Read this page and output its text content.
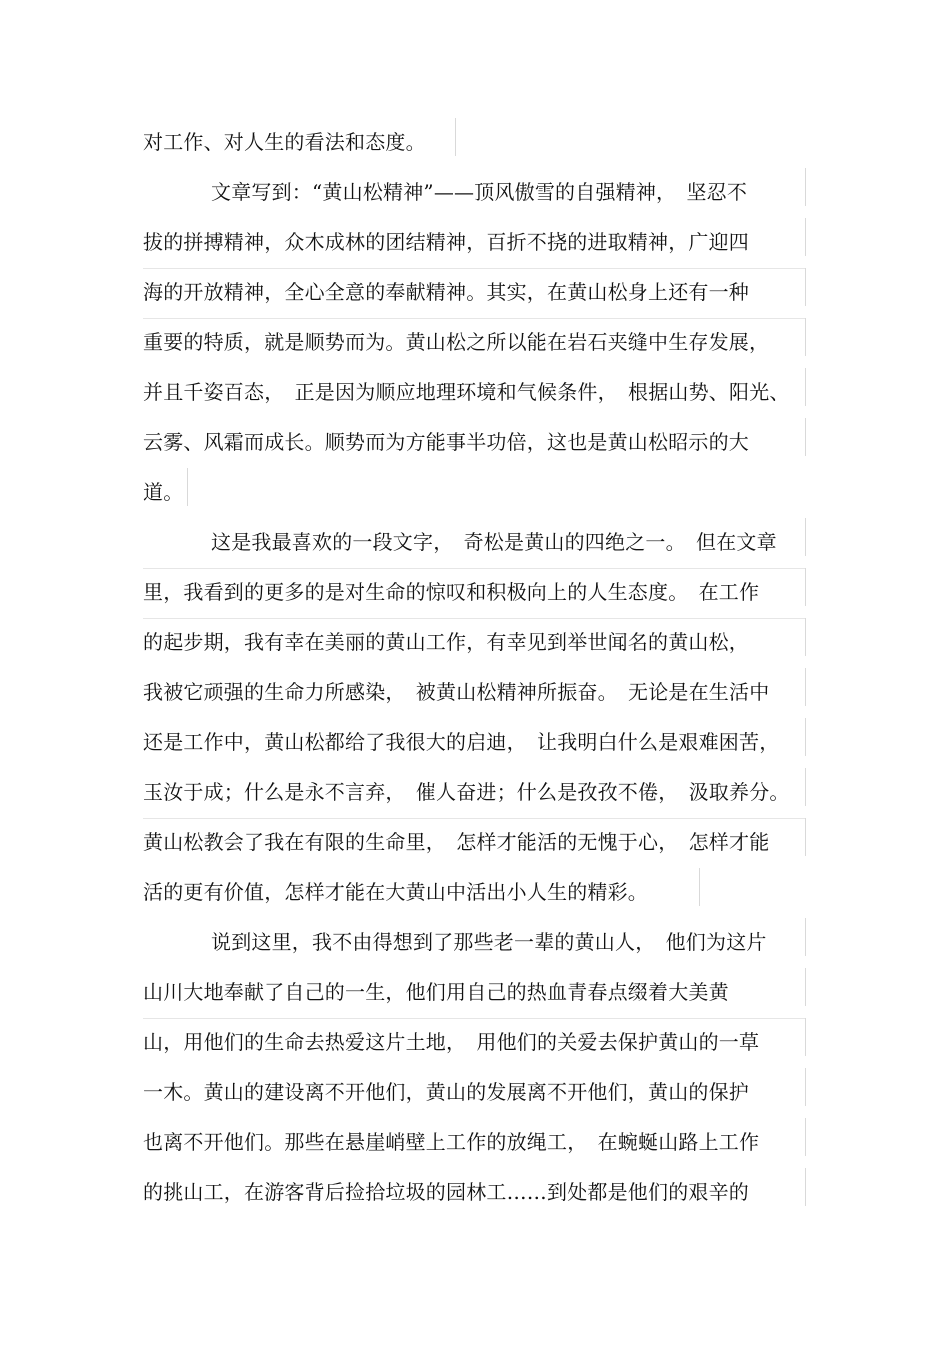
对工作、对人生的看法和态度。

文章写到：“黄山松精神”——顶风傲雪的自强精神，　坚忍不

拔的拼搏精神，众木成林的团结精神，百折不挠的进取精神，广迎四

海的开放精神，全心全意的奉献精神。其实，在黄山松身上还有一种

重要的特质，就是顺势而为。黄山松之所以能在岩石夹缝中生存发展，

并且千姿百态，　正是因为顺应地理环境和气候条件，　根据山势、阳光、

云雾、风霜而成长。顺势而为方能事半功倍，这也是黄山松昭示的大

道。

这是我最喜欢的一段文字，　奇松是黄山的四绝之一。　但在文章

里，我看到的更多的是对生命的惊叹和积极向上的人生态度。　在工作

的起步期，我有幸在美丽的黄山工作，有幸见到举世闻名的黄山松，

我被它顽强的生命力所感染，　被黄山松精神所振奋。　无论是在生活中

还是工作中，黄山松都给了我很大的启迪，　让我明白什么是艰难困苦，

玉汝于成；什么是永不言弃，　催人奋进；什么是孜孜不倦，　汲取养分。

黄山松教会了我在有限的生命里，　怎样才能活的无愧于心，　怎样才能

活的更有价值，怎样才能在大黄山中活出小人生的精彩。

说到这里，我不由得想到了那些老一辈的黄山人，　他们为这片

山川大地奉献了自己的一生，他们用自己的热血青春点缀着大美黄

山，用他们的生命去热爱这片土地，　用他们的关爱去保护黄山的一草

一木。黄山的建设离不开他们，黄山的发展离不开他们，黄山的保护

也离不开他们。那些在悬崖峭壁上工作的放绳工，　在蜿蜒山路上工作

的挑山工，在游客背后捡拾垃圾的园林工……到处都是他们的艰辛的
